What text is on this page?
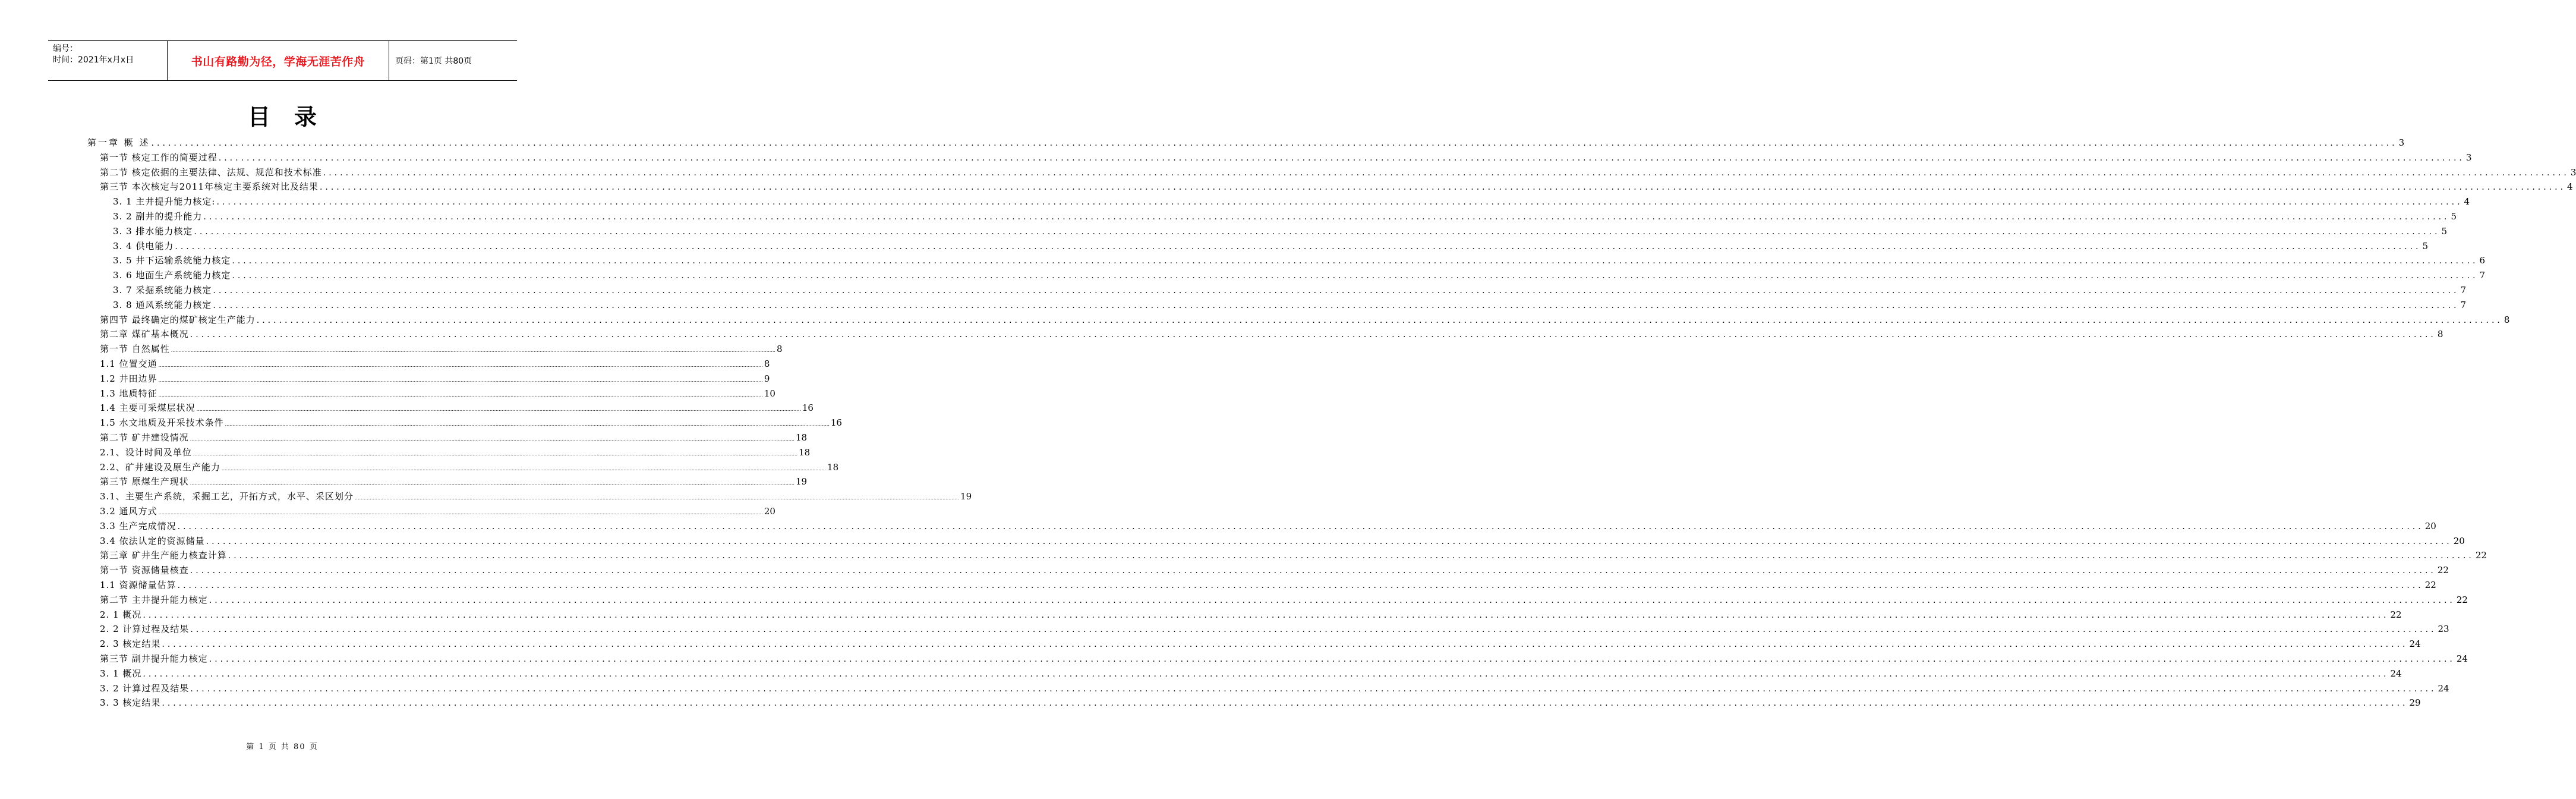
编号：
时间：2021年x月x日	书山有路勤为径，学海无涯苦作舟	页码：第1页 共80页
目录
第一章 概 述 ................................................................................................................................................................................................................................................................................................................................................................................................................ 3
第一节 核定工作的简要过程 ................................................................................................................................................................................................................................................................................................................................................................................................................ 3
第二节 核定依据的主要法律、法规、规范和技术标准 ................................................................................................................................................................................................................................................................................................................................................................................................................ 3
第三节 本次核定与2011年核定主要系统对比及结果 ................................................................................................................................................................................................................................................................................................................................................................................................................ 4
3. 1 主井提升能力核定: ................................................................................................................................................................................................................................................................................................................................................................................................................ 4
3. 2 副井的提升能力 ................................................................................................................................................................................................................................................................................................................................................................................................................ 5
3. 3 排水能力核定 ................................................................................................................................................................................................................................................................................................................................................................................................................ 5
3. 4 供电能力 ................................................................................................................................................................................................................................................................................................................................................................................................................ 5
3. 5 井下运输系统能力核定 ................................................................................................................................................................................................................................................................................................................................................................................................................ 6
3. 6 地面生产系统能力核定 ................................................................................................................................................................................................................................................................................................................................................................................................................ 7
3. 7 采掘系统能力核定 ................................................................................................................................................................................................................................................................................................................................................................................................................ 7
3. 8 通风系统能力核定 ................................................................................................................................................................................................................................................................................................................................................................................................................ 7
第四节 最终确定的煤矿核定生产能力 ................................................................................................................................................................................................................................................................................................................................................................................................................ 8
第二章 煤矿基本概况 ................................................................................................................................................................................................................................................................................................................................................................................................................ 8
第一节 自然属性 ................................................................................................................................................................................................................................................................................................................................................................................................................ 8
1.1 位置交通 ................................................................................................................................................................................................................................................................................................................................................................................................................ 8
1.2 井田边界 ................................................................................................................................................................................................................................................................................................................................................................................................................ 9
1.3 地质特征 ................................................................................................................................................................................................................................................................................................................................................................................................................ 10
1.4 主要可采煤层状况 ................................................................................................................................................................................................................................................................................................................................................................................................................ 16
1.5 水文地质及开采技术条件 ................................................................................................................................................................................................................................................................................................................................................................................................................ 16
第二节 矿井建设情况 ................................................................................................................................................................................................................................................................................................................................................................................................................ 18
2.1、设计时间及单位 ................................................................................................................................................................................................................................................................................................................................................................................................................ 18
2.2、矿井建设及原生产能力 ................................................................................................................................................................................................................................................................................................................................................................................................................ 18
第三节 原煤生产现状 ................................................................................................................................................................................................................................................................................................................................................................................................................ 19
3.1、主要生产系统，采掘工艺，开拓方式，水平、采区划分 ................................................................................................................................................................................................................................................................................................................................................................................................................ 19
3.2 通风方式 ................................................................................................................................................................................................................................................................................................................................................................................................................ 20
3.3 生产完成情况 ................................................................................................................................................................................................................................................................................................................................................................................................................ 20
3.4 依法认定的资源储量 ................................................................................................................................................................................................................................................................................................................................................................................................................ 20
第三章 矿井生产能力核查计算 ................................................................................................................................................................................................................................................................................................................................................................................................................ 22
第一节 资源储量核查 ................................................................................................................................................................................................................................................................................................................................................................................................................ 22
1.1 资源储量估算 ................................................................................................................................................................................................................................................................................................................................................................................................................ 22
第二节 主井提升能力核定 ................................................................................................................................................................................................................................................................................................................................................................................................................ 22
2. 1 概况 ................................................................................................................................................................................................................................................................................................................................................................................................................ 22
2. 2 计算过程及结果 ................................................................................................................................................................................................................................................................................................................................................................................................................ 23
2. 3 核定结果 ................................................................................................................................................................................................................................................................................................................................................................................................................ 24
第三节 副井提升能力核定 ................................................................................................................................................................................................................................................................................................................................................................................................................ 24
3. 1 概况 ................................................................................................................................................................................................................................................................................................................................................................................................................ 24
3. 2 计算过程及结果 ................................................................................................................................................................................................................................................................................................................................................................................................................ 24
3. 3 核定结果 ................................................................................................................................................................................................................................................................................................................................................................................................................ 29
第 1 页 共 80 页
